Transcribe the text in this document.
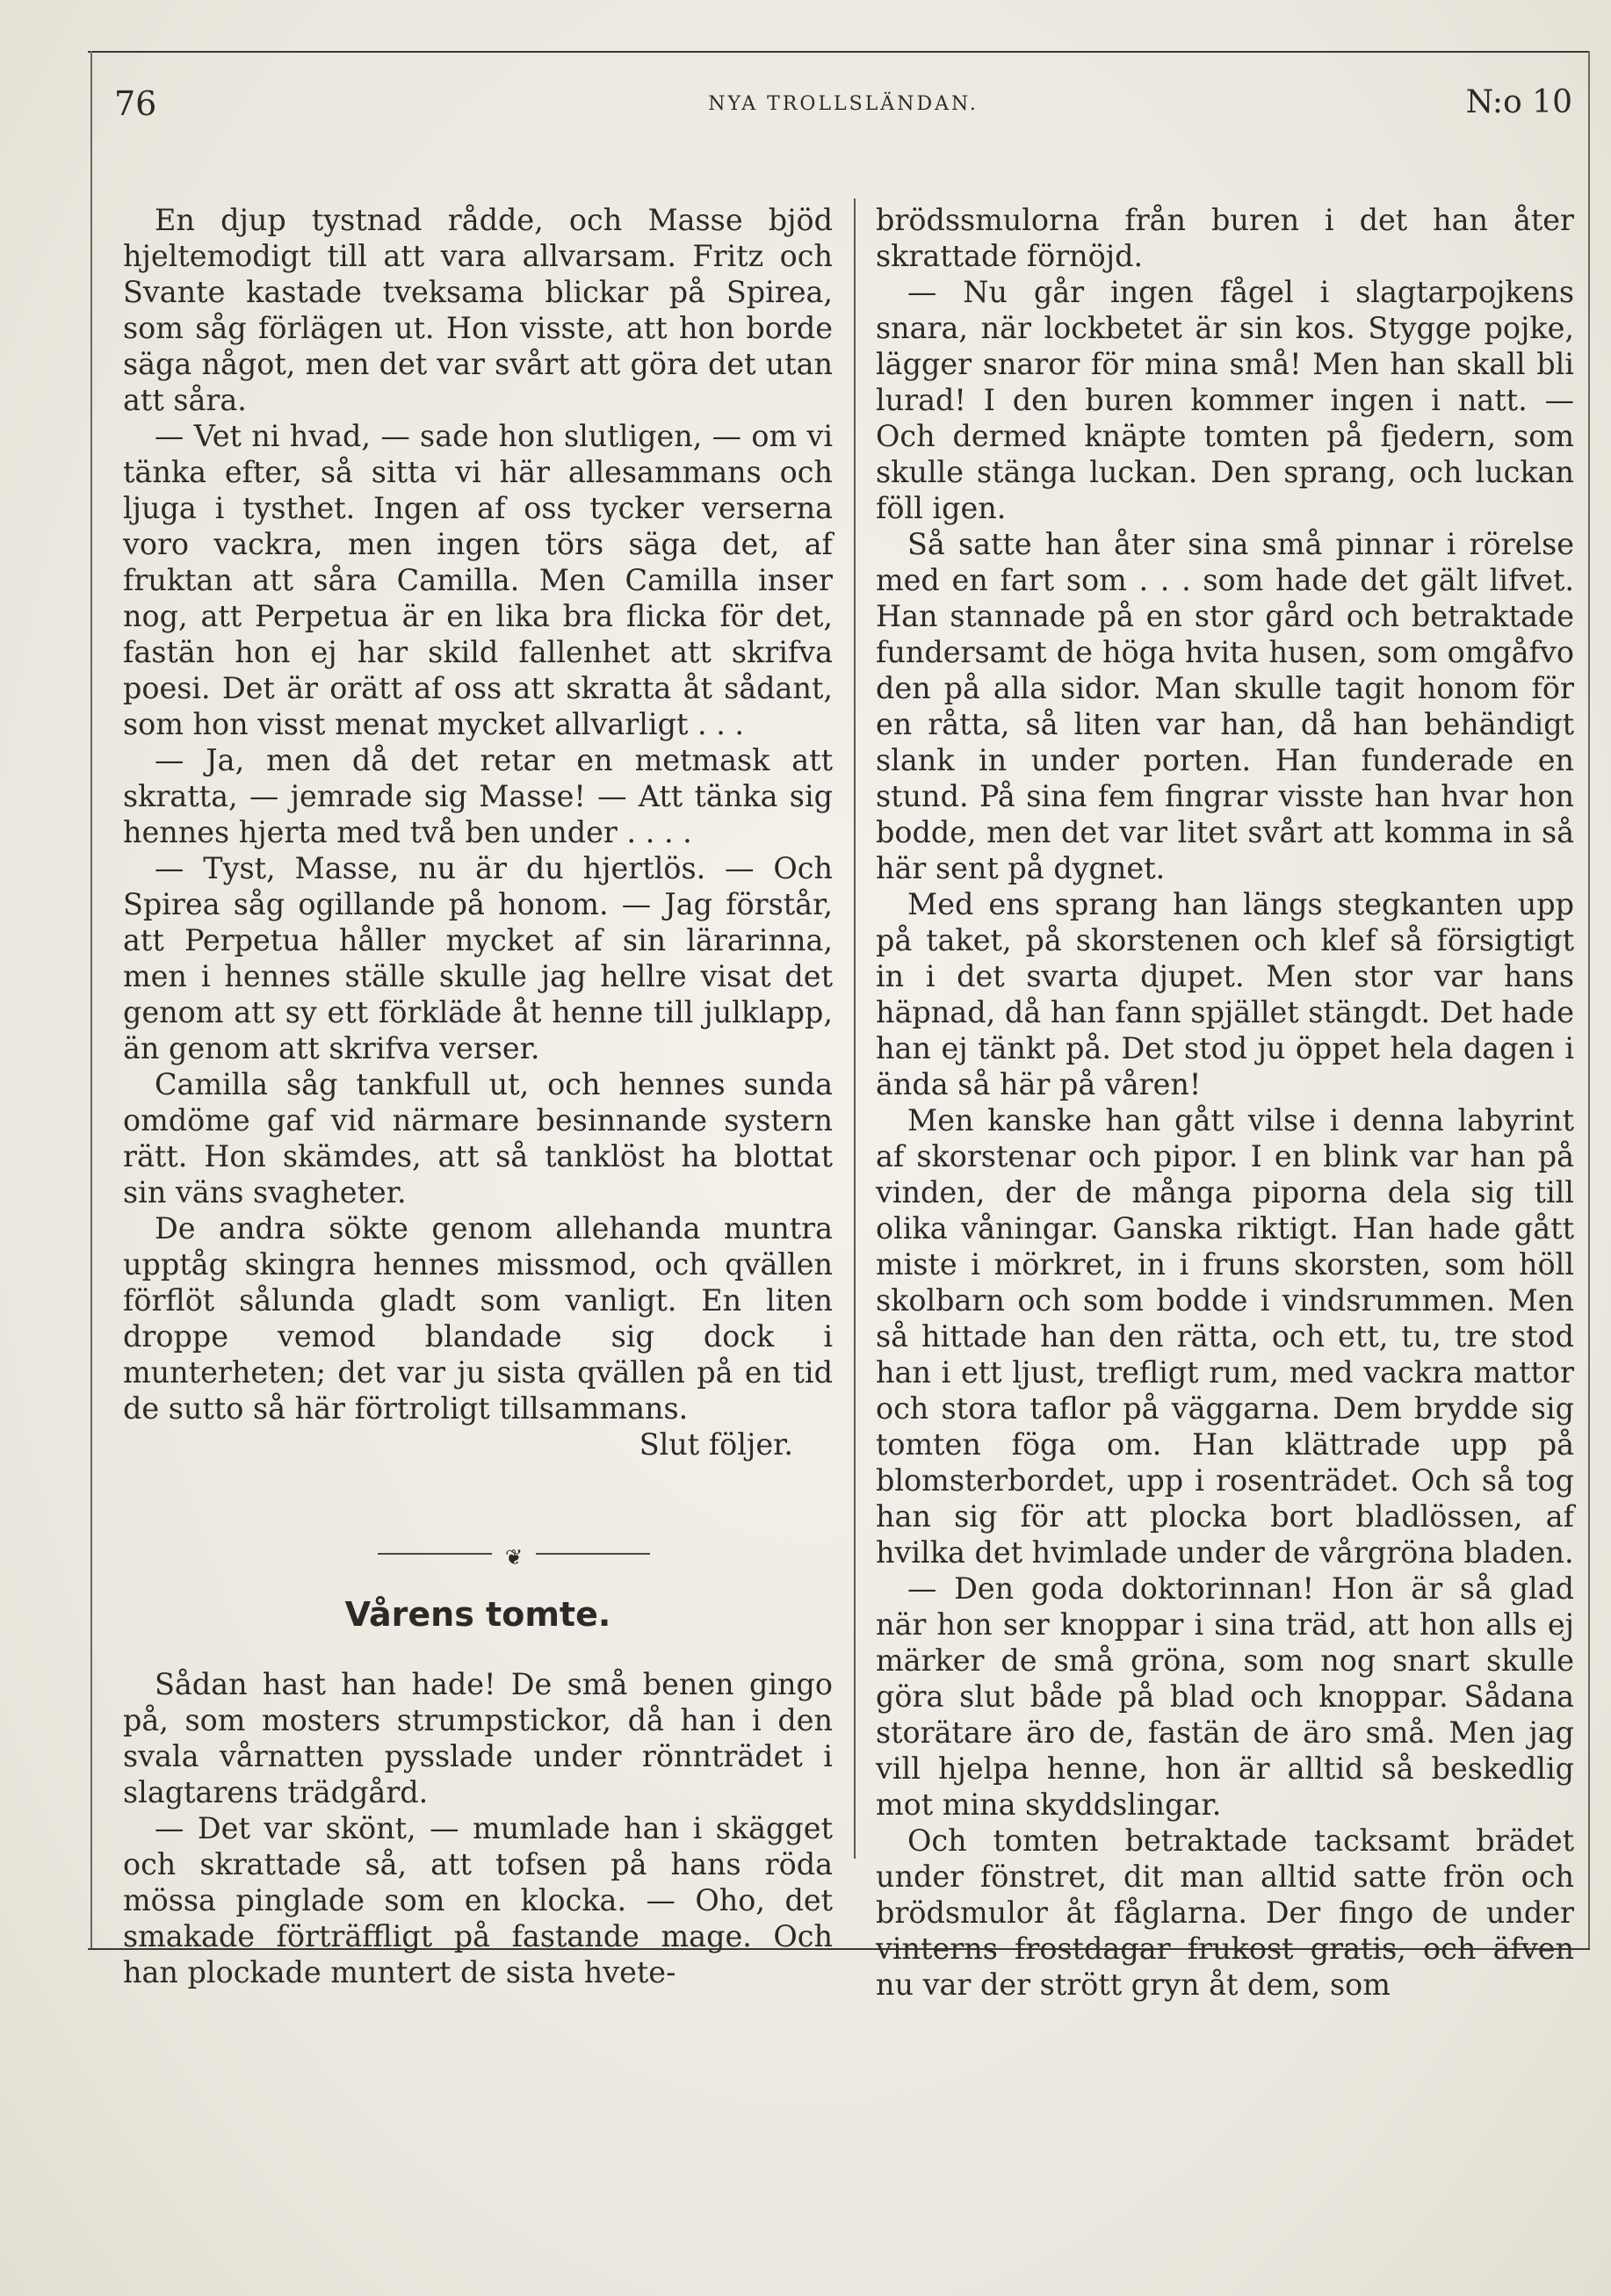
76	NYA TROLLSLÄNDAN.	N:o 10

En djup tystnad rådde, och Masse bjöd hjeltemodigt till att vara allvarsam. Fritz och Svante kastade tveksama blickar på Spirea, som såg förlägen ut. Hon visste, att hon borde säga något, men det var svårt att göra det utan att såra.

— Vet ni hvad, — sade hon slutligen, — om vi tänka efter, så sitta vi här allesammans och ljuga i tysthet. Ingen af oss tycker verserna voro vackra, men ingen törs säga det, af fruktan att såra Camilla. Men Camilla inser nog, att Perpetua är en lika bra flicka för det, fastän hon ej har skild fallenhet att skrifva poesi. Det är orätt af oss att skratta åt sådant, som hon visst menat mycket allvarligt . . .

— Ja, men då det retar en metmask att skratta, — jemrade sig Masse! — Att tänka sig hennes hjerta med två ben under . . . .

— Tyst, Masse, nu är du hjertlös. — Och Spirea såg ogillande på honom. — Jag förstår, att Perpetua håller mycket af sin lärarinna, men i hennes ställe skulle jag hellre visat det genom att sy ett förkläde åt henne till julklapp, än genom att skrifva verser.

Camilla såg tankfull ut, och hennes sunda omdöme gaf vid närmare besinnande systern rätt. Hon skämdes, att så tanklöst ha blottat sin väns svagheter.

De andra sökte genom allehanda muntra upptåg skingra hennes missmod, och qvällen förflöt sålunda gladt som vanligt. En liten droppe vemod blandade sig dock i munterheten; det var ju sista qvällen på en tid de sutto så här förtroligt tillsammans.

Slut följer.

❦
Vårens tomte.

Sådan hast han hade! De små benen gingo på, som mosters strumpstickor, då han i den svala vårnatten pysslade under rönnträdet i slagtarens trädgård.

— Det var skönt, — mumlade han i skägget och skrattade så, att tofsen på hans röda mössa pinglade som en klocka. — Oho, det smakade förträffligt på fastande mage. Och han plockade muntert de sista hvete-

brödssmulorna från buren i det han åter skrattade förnöjd.

— Nu går ingen fågel i slagtarpojkens snara, när lockbetet är sin kos. Stygge pojke, lägger snaror för mina små! Men han skall bli lurad! I den buren kommer ingen i natt. — Och dermed knäpte tomten på fjedern, som skulle stänga luckan. Den sprang, och luckan föll igen.

Så satte han åter sina små pinnar i rörelse med en fart som . . . som hade det gält lifvet. Han stannade på en stor gård och betraktade fundersamt de höga hvita husen, som omgåfvo den på alla sidor. Man skulle tagit honom för en råtta, så liten var han, då han behändigt slank in under porten. Han funderade en stund. På sina fem fingrar visste han hvar hon bodde, men det var litet svårt att komma in så här sent på dygnet.

Med ens sprang han längs stegkanten upp på taket, på skorstenen och klef så försigtigt in i det svarta djupet. Men stor var hans häpnad, då han fann spjället stängdt. Det hade han ej tänkt på. Det stod ju öppet hela dagen i ända så här på våren!

Men kanske han gått vilse i denna labyrint af skorstenar och pipor. I en blink var han på vinden, der de många piporna dela sig till olika våningar. Ganska riktigt. Han hade gått miste i mörkret, in i fruns skorsten, som höll skolbarn och som bodde i vindsrummen. Men så hittade han den rätta, och ett, tu, tre stod han i ett ljust, trefligt rum, med vackra mattor och stora taflor på väggarna. Dem brydde sig tomten föga om. Han klättrade upp på blomsterbordet, upp i rosenträdet. Och så tog han sig för att plocka bort bladlössen, af hvilka det hvimlade under de vårgröna bladen.

— Den goda doktorinnan! Hon är så glad när hon ser knoppar i sina träd, att hon alls ej märker de små gröna, som nog snart skulle göra slut både på blad och knoppar. Sådana storätare äro de, fastän de äro små. Men jag vill hjelpa henne, hon är alltid så beskedlig mot mina skyddslingar.

Och tomten betraktade tacksamt brädet under fönstret, dit man alltid satte frön och brödsmulor åt fåglarna. Der fingo de under vinterns frostdagar frukost gratis, och äfven nu var der strött gryn åt dem, som
